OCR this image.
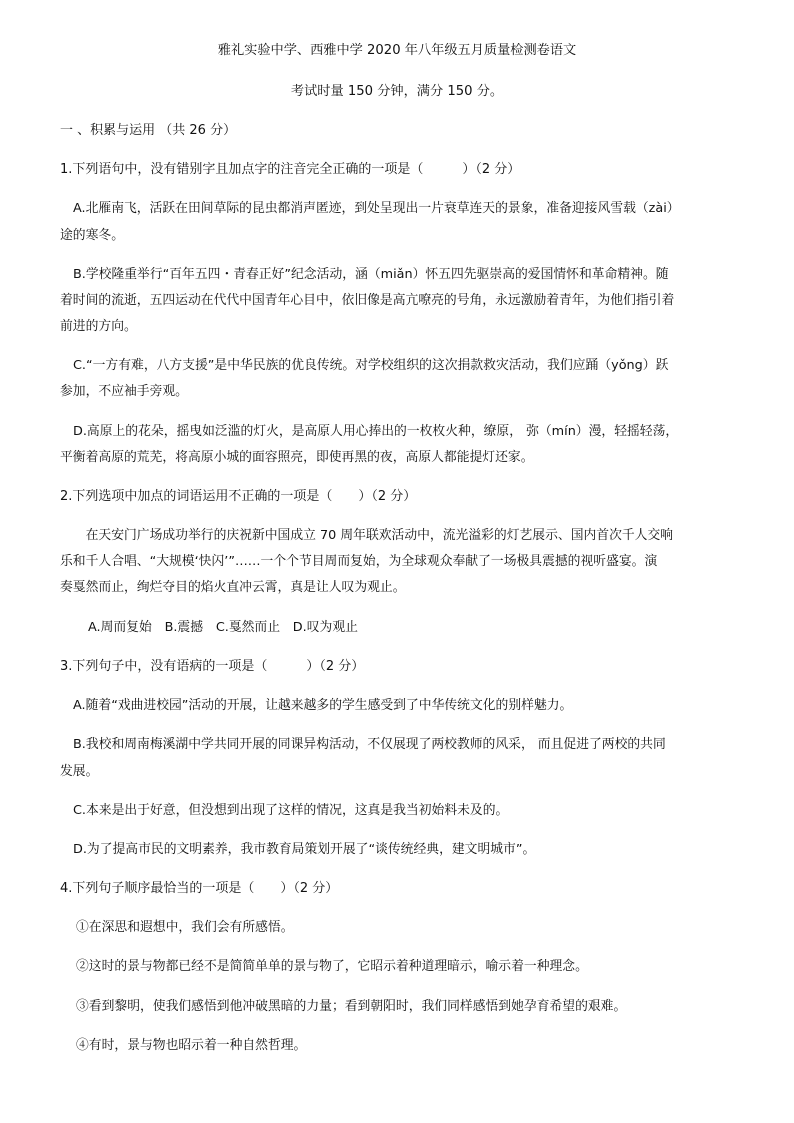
雅礼实验中学、西雅中学 2020 年八年级五月质量检测卷语文
考试时量 150 分钟，满分 150 分。
一 、积累与运用 （共 26 分）
1.下列语句中，没有错别字且加点字的注音完全正确的一项是（　　　）（2 分）
A.北雁南飞，活跃在田间草际的昆虫都消声匿迹，到处呈现出一片衰草连天的景象，准备迎接风雪载（zài）
途的寒冬。
B.学校隆重举行“百年五四・青春正好”纪念活动，涵（miǎn）怀五四先驱崇高的爱国情怀和革命精神。随
着时间的流逝，五四运动在代代中国青年心目中，依旧像是高亢嘹亮的号角，永远激励着青年，为他们指引着
前进的方向。
C.“一方有难，八方支援”是中华民族的优良传统。对学校组织的这次捐款救灾活动，我们应踊（yǒng）跃
参加，不应袖手旁观。
D.高原上的花朵，摇曳如泛滥的灯火，是高原人用心捧出的一枚枚火种，缭原， 弥（mín）漫，轻摇轻荡，
平衡着高原的荒芜，将高原小城的面容照亮，即使再黑的夜，高原人都能提灯还家。
2.下列选项中加点的词语运用不正确的一项是（　　）（2 分）
　　在天安门广场成功举行的庆祝新中国成立 70 周年联欢活动中，流光溢彩的灯艺展示、国内首次千人交响
乐和千人合唱、“大规模‘快闪’”……一个个节目周而复始，为全球观众奉献了一场极具震撼的视听盛宴。演
奏戛然而止，绚烂夺目的焰火直冲云霄，真是让人叹为观止。
A.周而复始　B.震撼　C.戛然而止　D.叹为观止
3.下列句子中，没有语病的一项是（　　　）（2 分）
A.随着“戏曲进校园”活动的开展，让越来越多的学生感受到了中华传统文化的别样魅力。
B.我校和周南梅溪湖中学共同开展的同课异构活动，不仅展现了两校教师的风采， 而且促进了两校的共同
发展。
C.本来是出于好意，但没想到出现了这样的情况，这真是我当初始料未及的。
D.为了提高市民的文明素养，我市教育局策划开展了“谈传统经典，建文明城市”。
4.下列句子顺序最恰当的一项是（　　）（2 分）
①在深思和遐想中，我们会有所感悟。
②这时的景与物都已经不是简简单单的景与物了，它昭示着种道理暗示，喻示着一种理念。
③看到黎明，使我们感悟到他冲破黑暗的力量；看到朝阳时，我们同样感悟到她孕育希望的艰难。
④有时，景与物也昭示着一种自然哲理。
